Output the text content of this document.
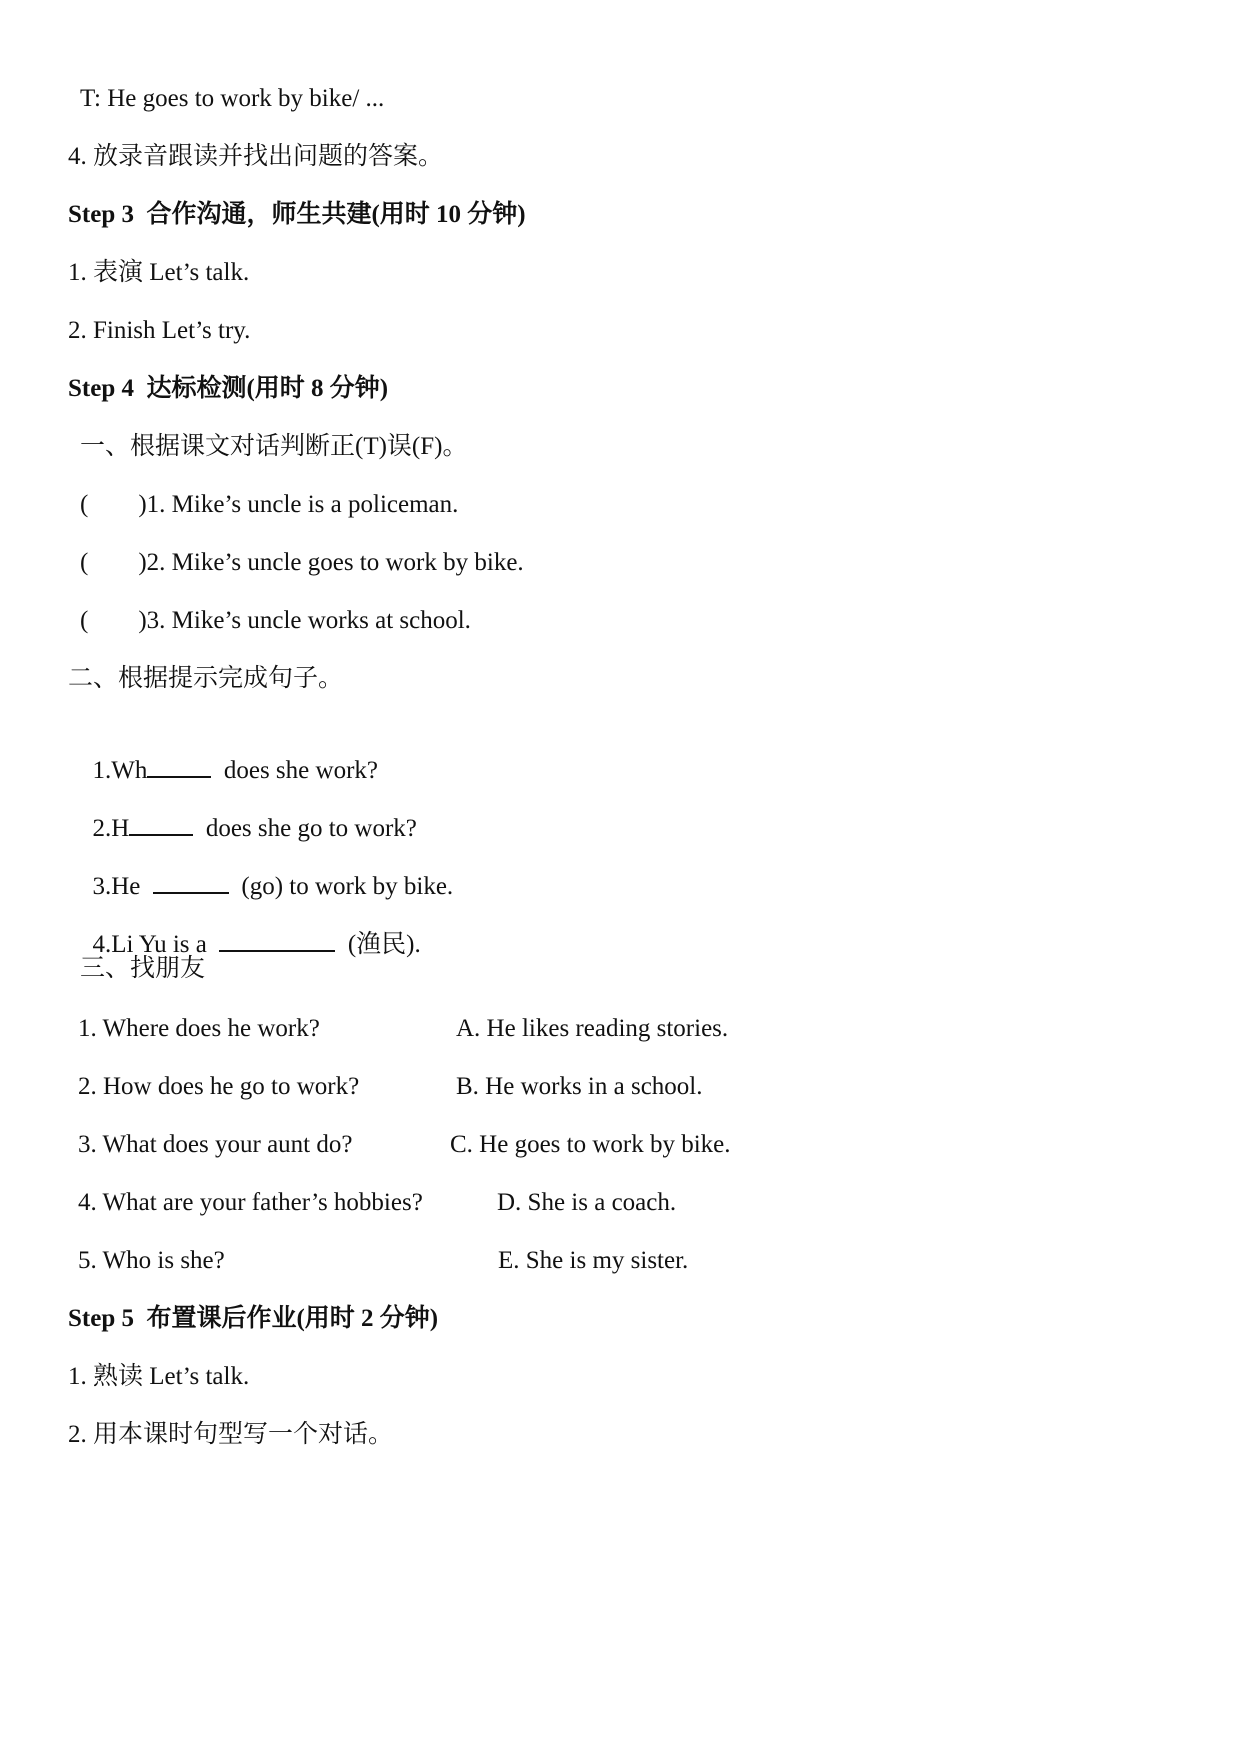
T: He goes to work by bike/ ...
4. 放录音跟读并找出问题的答案。
Step 3  合作沟通，师生共建(用时 10 分钟)
1. 表演 Let’s talk.
2. Finish Let’s try.
Step 4  达标检测(用时 8 分钟)
一、根据课文对话判断正(T)误(F)。
(        )1. Mike’s uncle is a policeman.
(        )2. Mike’s uncle goes to work by bike.
(        )3. Mike’s uncle works at school.
二、根据提示完成句子。

1.Wh	does she work?

2.H	does she go to work?

3.He	(go) to work by bike.

4.Li Yu is a	(渔民).

三、找朋友
1. Where does he work?	A. He likes reading stories.
2. How does he go to work?	B. He works in a school.
3. What does your aunt do?	C. He goes to work by bike.
4. What are your father’s hobbies?	D. She is a coach.
5. Who is she?	E. She is my sister.
Step 5  布置课后作业(用时 2 分钟)
1. 熟读 Let’s talk.
2. 用本课时句型写一个对话。
